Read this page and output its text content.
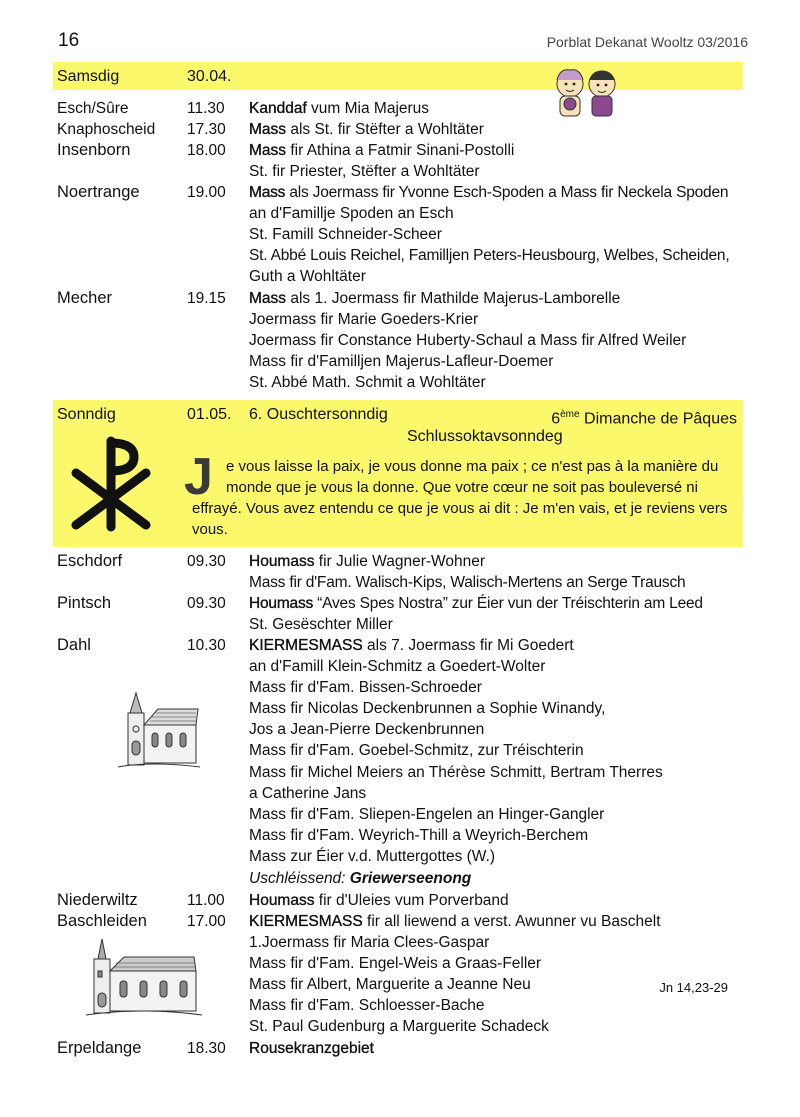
16	Porblat Dekanat Wooltz 03/2016
Samsdig	30.04.
Esch/Sûre	11.30 Kanddaf vum Mia Majerus
Knaphoscheid 17.30 Mass als St. fir Stëfter a Wohltäter
Insenborn	18.00 Mass fir Athina a Fatmir Sinani-Postolli
St. fir Priester, Stëfter a Wohltäter
Noertrange	19.00 Mass als Joermass fir Yvonne Esch-Spoden a Mass fir Neckela Spoden
an d'Famillje Spoden an Esch
St. Famill Schneider-Scheer
St. Abbé Louis Reichel, Familljen Peters-Heusbourg, Welbes, Scheiden,
Guth a Wohltäter
Mecher	19.15 Mass als 1. Joermass fir Mathilde Majerus-Lamborelle
Joermass fir Marie Goeders-Krier
Joermass fir Constance Huberty-Schaul a Mass fir Alfred Weiler
Mass fir d'Familljen Majerus-Lafleur-Doemer
St. Abbé Math. Schmit a Wohltäter
Sonndig	01.05. 6. Ouschtersonndig	6ème Dimanche de Pâques
Schlussoktavsonndeg
J e vous laisse la paix, je vous donne ma paix ; ce n'est pas à la manière du

monde que je vous la donne. Que votre cœur ne soit pas bouleversé ni

effrayé. Vous avez entendu ce que je vous ai dit : Je m'en vais, et je reviens vers

vous.

Jn 14,23-29
Eschdorf	09.30 Houmass fir Julie Wagner-Wohner
Mass fir d'Fam. Walisch-Kips, Walisch-Mertens an Serge Trausch
Pintsch	09.30 Houmass “Aves Spes Nostra” zur Éier vun der Tréischterin am Leed
St. Gesëschter Miller
Dahl	10.30 KIERMESMASS als 7. Joermass fir Mi Goedert
an d'Famill Klein-Schmitz a Goedert-Wolter
Mass fir d'Fam. Bissen-Schroeder
Mass fir Nicolas Deckenbrunnen a Sophie Winandy,
Jos a Jean-Pierre Deckenbrunnen
Mass fir d'Fam. Goebel-Schmitz, zur Tréischterin
Mass fir Michel Meiers an Thérèse Schmitt, Bertram Therres
a Catherine Jans
Mass fir d'Fam. Sliepen-Engelen an Hinger-Gangler
Mass fir d'Fam. Weyrich-Thill a Weyrich-Berchem
Mass zur Éier v.d. Muttergottes (W.)
Uschléissend: Griewerseenong
Niederwiltz	11.00 Houmass fir d'Uleies vum Porverband
Baschleiden	17.00 KIERMESMASS fir all liewend a verst. Awunner vu Baschelt
1.Joermass fir Maria Clees-Gaspar
Mass fir d'Fam. Engel-Weis a Graas-Feller
Mass fir Albert, Marguerite a Jeanne Neu
Mass fir d'Fam. Schloesser-Bache
St. Paul Gudenburg a Marguerite Schadeck
Erpeldange	18.30 Rousekranzgebiet
